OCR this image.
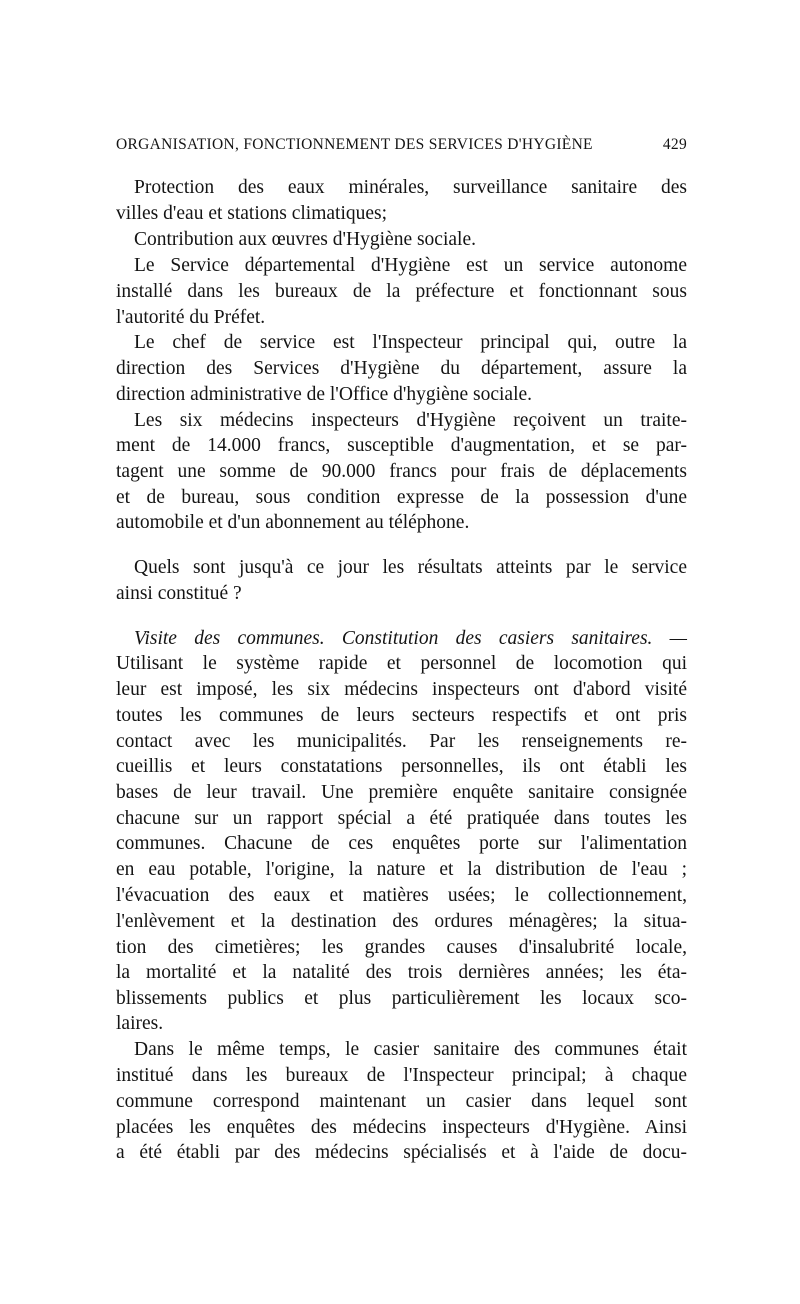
ORGANISATION, FONCTIONNEMENT DES SERVICES D'HYGIÈNE	429
Protection des eaux minérales, surveillance sanitaire des
villes d'eau et stations climatiques;
Contribution aux œuvres d'Hygiène sociale.
Le Service départemental d'Hygiène est un service autonome
installé dans les bureaux de la préfecture et fonctionnant sous
l'autorité du Préfet.
Le chef de service est l'Inspecteur principal qui, outre la
direction des Services d'Hygiène du département, assure la
direction administrative de l'Office d'hygiène sociale.
Les six médecins inspecteurs d'Hygiène reçoivent un traite-
ment de 14.000 francs, susceptible d'augmentation, et se par-
tagent une somme de 90.000 francs pour frais de déplacements
et de bureau, sous condition expresse de la possession d'une
automobile et d'un abonnement au téléphone.
Quels sont jusqu'à ce jour les résultats atteints par le service
ainsi constitué ?
Visite des communes. Constitution des casiers sanitaires. —
Utilisant le système rapide et personnel de locomotion qui
leur est imposé, les six médecins inspecteurs ont d'abord visité
toutes les communes de leurs secteurs respectifs et ont pris
contact avec les municipalités. Par les renseignements re-
cueillis et leurs constatations personnelles, ils ont établi les
bases de leur travail. Une première enquête sanitaire consignée
chacune sur un rapport spécial a été pratiquée dans toutes les
communes. Chacune de ces enquêtes porte sur l'alimentation
en eau potable, l'origine, la nature et la distribution de l'eau ;
l'évacuation des eaux et matières usées; le collectionnement,
l'enlèvement et la destination des ordures ménagères; la situa-
tion des cimetières; les grandes causes d'insalubrité locale,
la mortalité et la natalité des trois dernières années; les éta-
blissements publics et plus particulièrement les locaux sco-
laires.
Dans le même temps, le casier sanitaire des communes était
institué dans les bureaux de l'Inspecteur principal; à chaque
commune correspond maintenant un casier dans lequel sont
placées les enquêtes des médecins inspecteurs d'Hygiène. Ainsi
a été établi par des médecins spécialisés et à l'aide de docu-
